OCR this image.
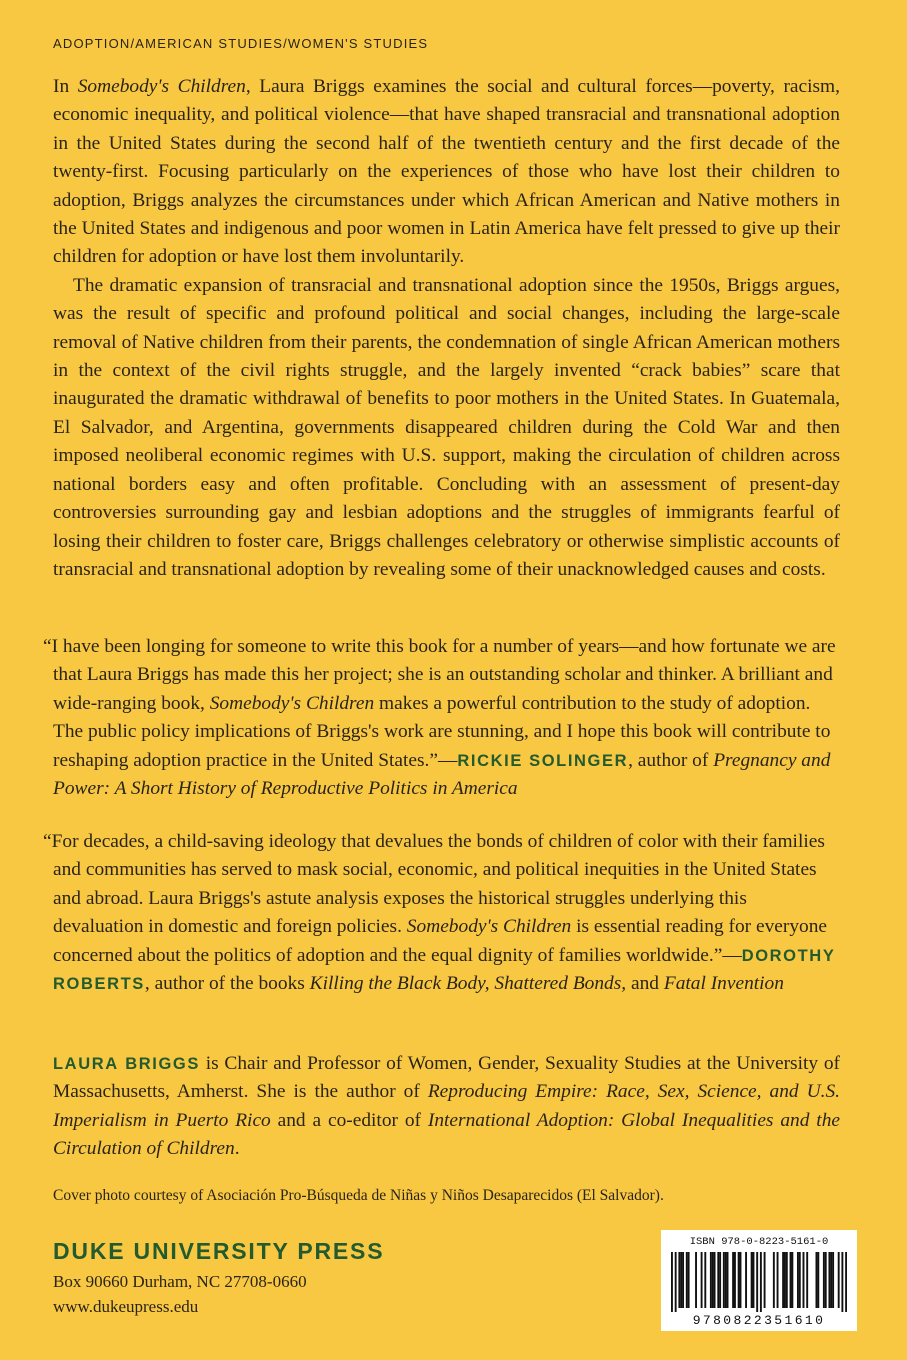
ADOPTION/AMERICAN STUDIES/WOMEN'S STUDIES

In Somebody's Children, Laura Briggs examines the social and cultural forces—poverty, racism, economic inequality, and political violence—that have shaped transracial and transnational adoption in the United States during the second half of the twentieth century and the first decade of the twenty-first. Focusing particularly on the experiences of those who have lost their children to adoption, Briggs analyzes the circumstances under which African American and Native mothers in the United States and indigenous and poor women in Latin America have felt pressed to give up their children for adoption or have lost them involuntarily.

The dramatic expansion of transracial and transnational adoption since the 1950s, Briggs argues, was the result of specific and profound political and social changes, including the large-scale removal of Native children from their parents, the condemnation of single African American mothers in the context of the civil rights struggle, and the largely invented “crack babies” scare that inaugurated the dramatic withdrawal of benefits to poor mothers in the United States. In Guatemala, El Salvador, and Argentina, governments disappeared children during the Cold War and then imposed neoliberal economic regimes with U.S. support, making the circulation of children across national borders easy and often profitable. Concluding with an assessment of present-day controversies surrounding gay and lesbian adoptions and the struggles of immigrants fearful of losing their children to foster care, Briggs challenges celebratory or otherwise simplistic accounts of transracial and transnational adoption by revealing some of their unacknowledged causes and costs.

“I have been longing for someone to write this book for a number of years—and how fortunate we are that Laura Briggs has made this her project; she is an outstanding scholar and thinker. A brilliant and wide-ranging book, Somebody's Children makes a powerful contribution to the study of adoption. The public policy implications of Briggs's work are stunning, and I hope this book will contribute to reshaping adoption practice in the United States.”—RICKIE SOLINGER, author of Pregnancy and Power: A Short History of Reproductive Politics in America
“For decades, a child-saving ideology that devalues the bonds of children of color with their families and communities has served to mask social, economic, and political inequities in the United States and abroad. Laura Briggs's astute analysis exposes the historical struggles underlying this devaluation in domestic and foreign policies. Somebody's Children is essential reading for everyone concerned about the politics of adoption and the equal dignity of families worldwide.”—DOROTHY ROBERTS, author of the books Killing the Black Body, Shattered Bonds, and Fatal Invention

LAURA BRIGGS is Chair and Professor of Women, Gender, Sexuality Studies at the University of Massachusetts, Amherst. She is the author of Reproducing Empire: Race, Sex, Science, and U.S. Imperialism in Puerto Rico and a co-editor of International Adoption: Global Inequalities and the Circulation of Children.

Cover photo courtesy of Asociación Pro-Búsqueda de Niñas y Niños Desaparecidos (El Salvador).
DUKE UNIVERSITY PRESS
Box 90660 Durham, NC 27708-0660
www.dukeupress.edu
ISBN 978-0-8223-5161-0
9780822351610
